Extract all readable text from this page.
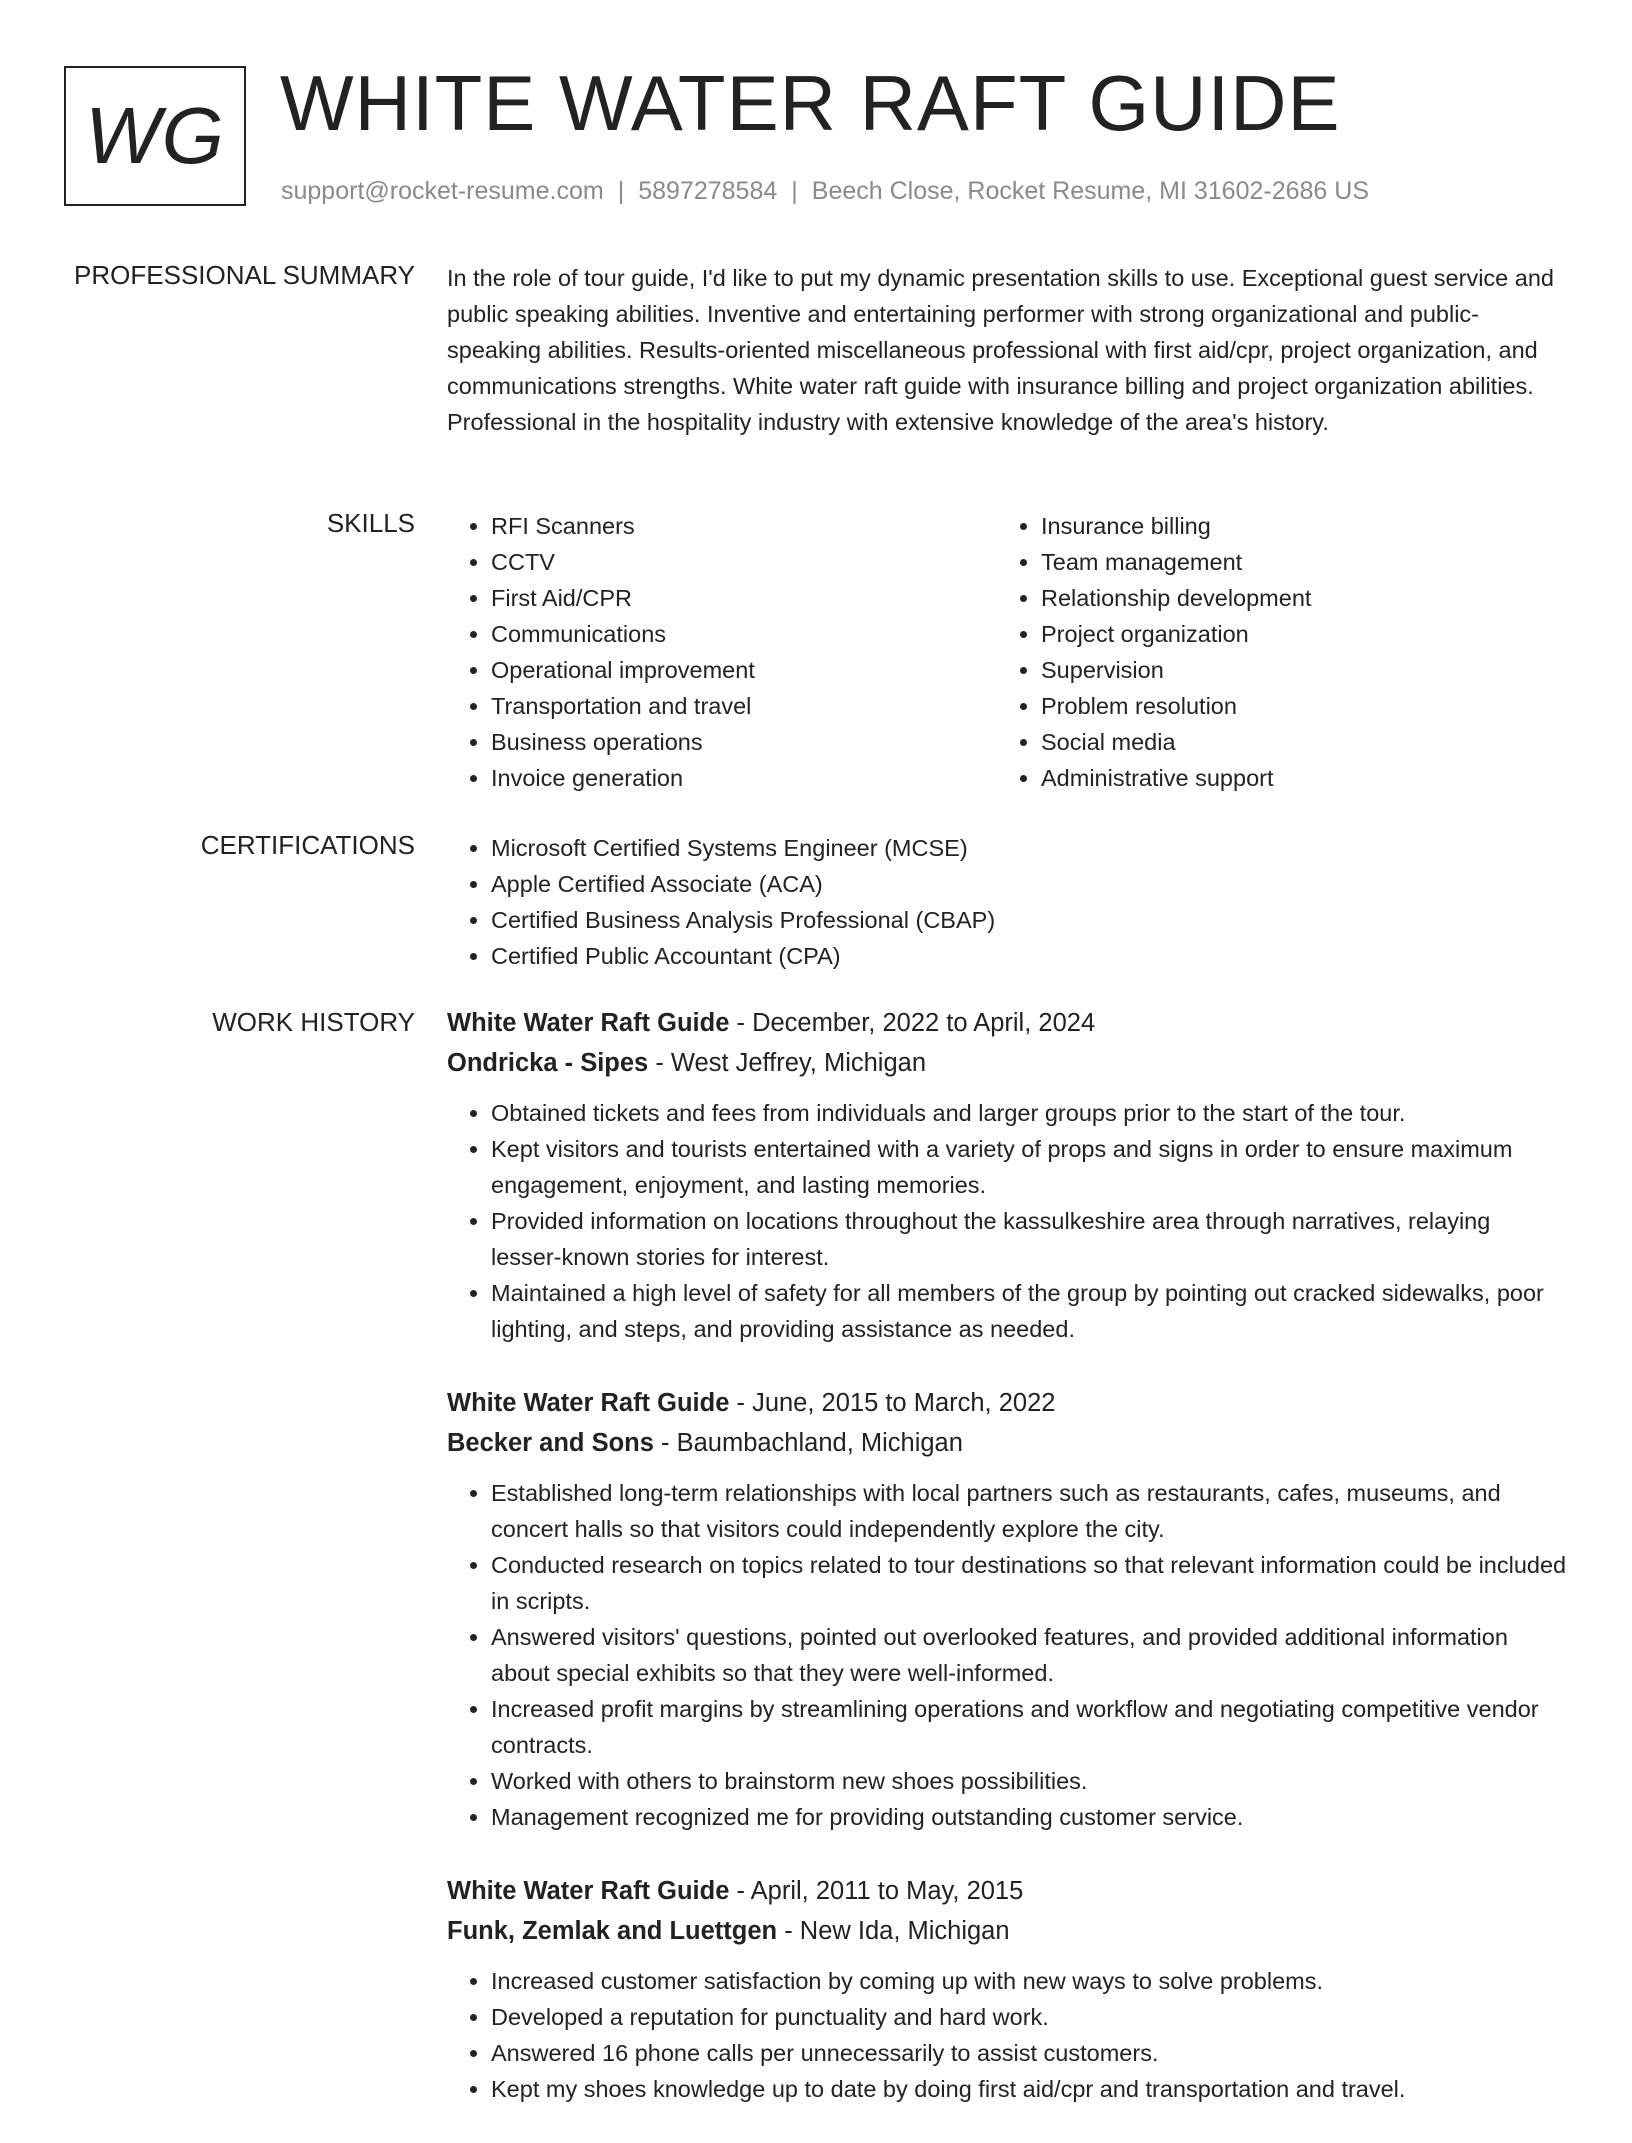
WG WHITE WATER RAFT GUIDE
support@rocket-resume.com | 5897278584 | Beech Close, Rocket Resume, MI 31602-2686 US
PROFESSIONAL SUMMARY In the role of tour guide, I'd like to put my dynamic presentation skills to use. Exceptional guest service and public speaking abilities. Inventive and entertaining performer with strong organizational and public-speaking abilities. Results-oriented miscellaneous professional with first aid/cpr, project organization, and communications strengths. White water raft guide with insurance billing and project organization abilities. Professional in the hospitality industry with extensive knowledge of the area's history.
SKILLS	• RFI Scanners
• CCTV
• First Aid/CPR
• Communications
• Operational improvement
• Transportation and travel
• Business operations
• Invoice generation
• Insurance billing
• Team management
• Relationship development
• Project organization
• Supervision
• Problem resolution
• Social media
• Administrative support
CERTIFICATIONS	• Microsoft Certified Systems Engineer (MCSE)
• Apple Certified Associate (ACA)
• Certified Business Analysis Professional (CBAP)
• Certified Public Accountant (CPA)
WORK HISTORY White Water Raft Guide - December, 2022 to April, 2024
Ondricka - Sipes - West Jeffrey, Michigan
• Obtained tickets and fees from individuals and larger groups prior to the start of the tour.
• Kept visitors and tourists entertained with a variety of props and signs in order to ensure maximum engagement, enjoyment, and lasting memories.
• Provided information on locations throughout the kassulkeshire area through narratives, relaying lesser-known stories for interest.
• Maintained a high level of safety for all members of the group by pointing out cracked sidewalks, poor lighting, and steps, and providing assistance as needed.
White Water Raft Guide - June, 2015 to March, 2022
Becker and Sons - Baumbachland, Michigan
• Established long-term relationships with local partners such as restaurants, cafes, museums, and concert halls so that visitors could independently explore the city.
• Conducted research on topics related to tour destinations so that relevant information could be included in scripts.
• Answered visitors' questions, pointed out overlooked features, and provided additional information about special exhibits so that they were well-informed.
• Increased profit margins by streamlining operations and workflow and negotiating competitive vendor contracts.
• Worked with others to brainstorm new shoes possibilities.
• Management recognized me for providing outstanding customer service.
White Water Raft Guide - April, 2011 to May, 2015
Funk, Zemlak and Luettgen - New Ida, Michigan
• Increased customer satisfaction by coming up with new ways to solve problems.
• Developed a reputation for punctuality and hard work.
• Answered 16 phone calls per unnecessarily to assist customers.
• Kept my shoes knowledge up to date by doing first aid/cpr and transportation and travel.
